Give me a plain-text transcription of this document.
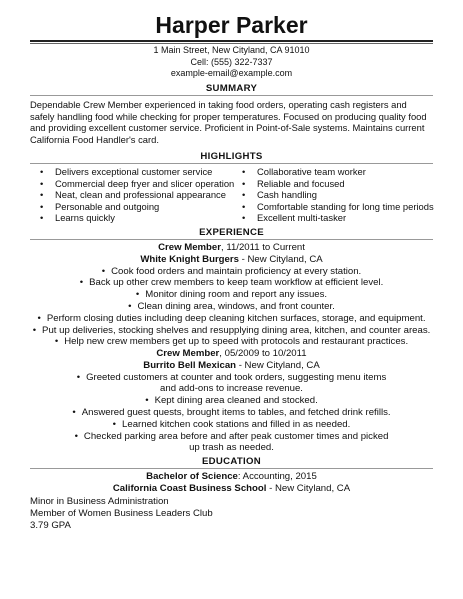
Harper Parker
1 Main Street, New Cityland, CA 91010
Cell: (555) 322-7337
example-email@example.com
SUMMARY
Dependable Crew Member experienced in taking food orders, operating cash registers and safely handling food while checking for proper temperatures. Focused on producing quality food and providing excellent customer service. Proficient in Point-of-Sale systems. Maintains current California Food Handler's card.
HIGHLIGHTS
• Delivers exceptional customer service
• Commercial deep fryer and slicer operation
• Neat, clean and professional appearance
• Personable and outgoing
• Learns quickly
• Collaborative team worker
• Reliable and focused
• Cash handling
• Comfortable standing for long time periods
• Excellent multi-tasker
EXPERIENCE
Crew Member, 11/2011 to Current
White Knight Burgers - New Cityland, CA
• Cook food orders and maintain proficiency at every station.
• Back up other crew members to keep team workflow at efficient level.
• Monitor dining room and report any issues.
• Clean dining area, windows, and front counter.
• Perform closing duties including deep cleaning kitchen surfaces, storage, and equipment.
• Put up deliveries, stocking shelves and resupplying dining area, kitchen, and counter areas.
• Help new crew members get up to speed with protocols and restaurant practices.
Crew Member, 05/2009 to 10/2011
Burrito Bell Mexican - New Cityland, CA
• Greeted customers at counter and took orders, suggesting menu items and add-ons to increase revenue.
• Kept dining area cleaned and stocked.
• Answered guest quests, brought items to tables, and fetched drink refills.
• Learned kitchen cook stations and filled in as needed.
• Checked parking area before and after peak customer times and picked up trash as needed.
EDUCATION
Bachelor of Science: Accounting, 2015
California Coast Business School - New Cityland, CA
Minor in Business Administration
Member of Women Business Leaders Club
3.79 GPA
